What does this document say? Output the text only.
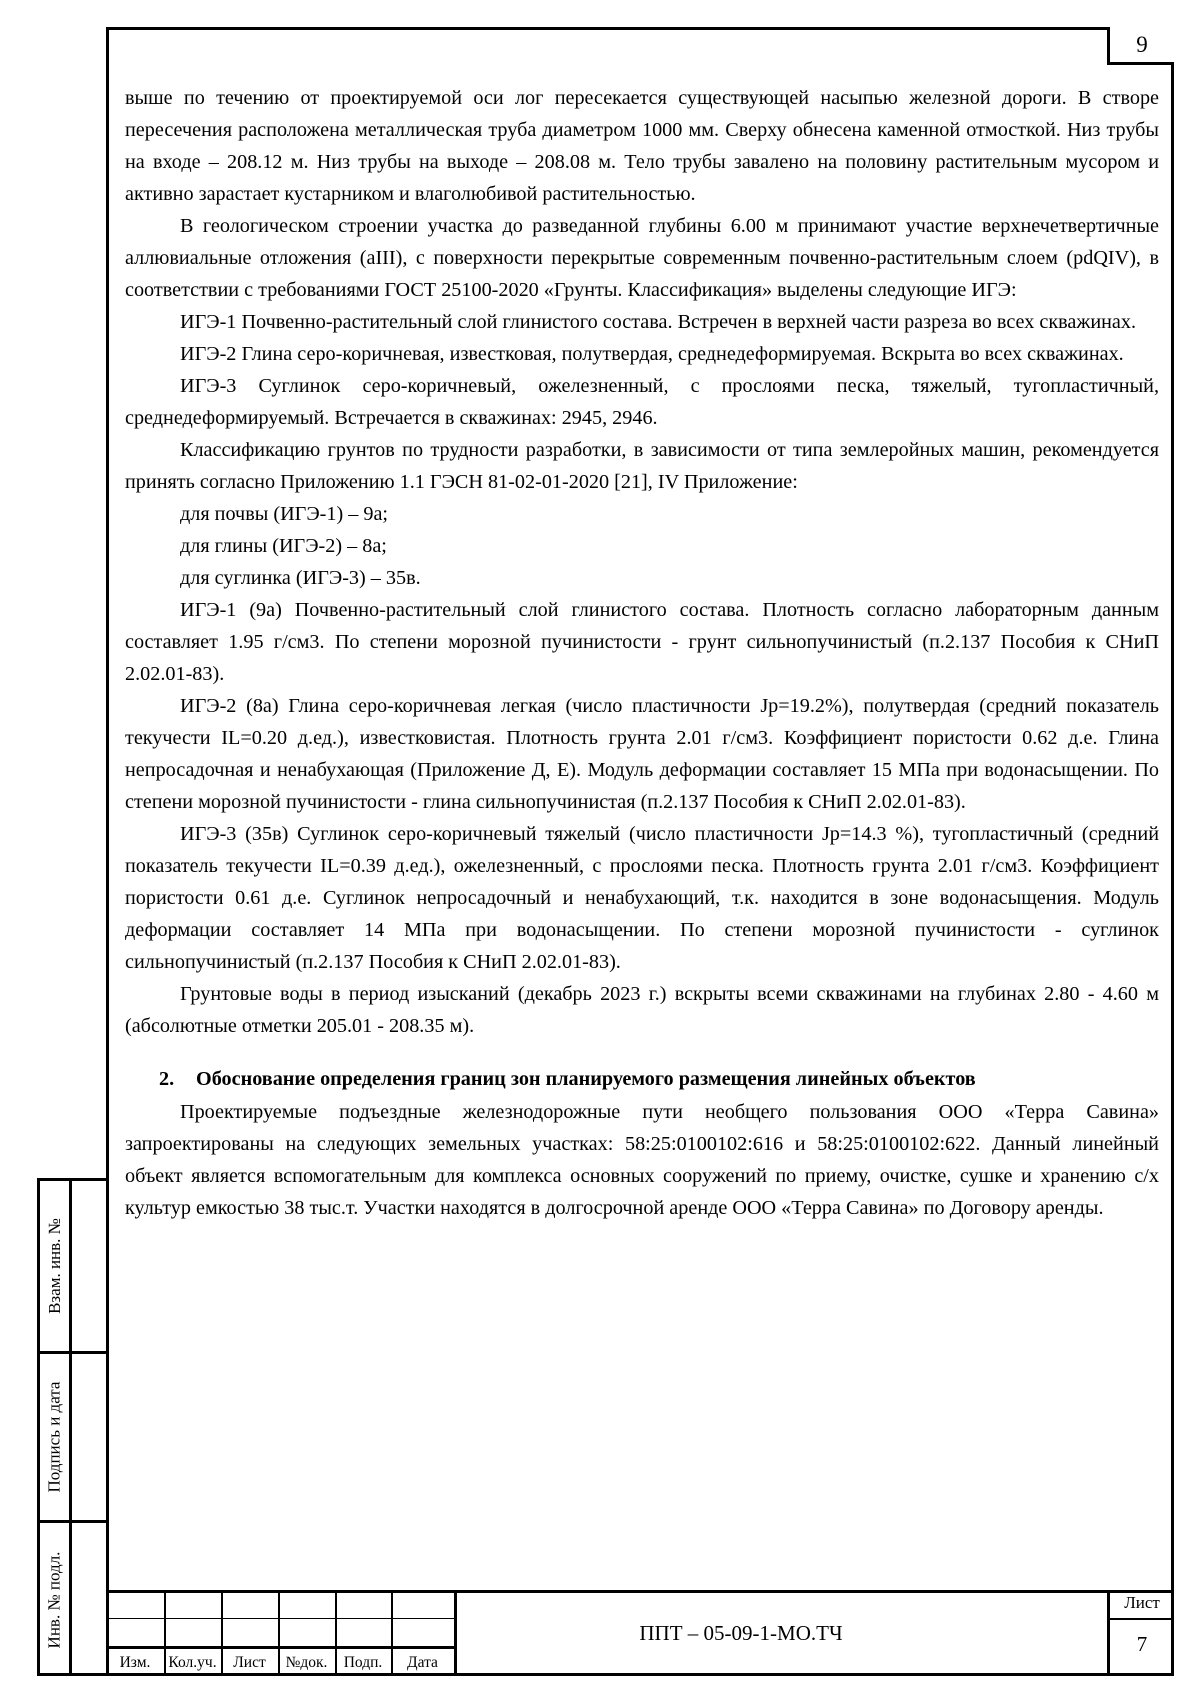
9
Взам. инв. №
Подпись и дата
Инв. № подл.

выше по течению от проектируемой оси лог пересекается существующей насыпью железной дороги. В створе пересечения расположена металлическая труба диаметром 1000 мм. Сверху обнесена каменной отмосткой. Низ трубы на входе – 208.12 м. Низ трубы на выходе – 208.08 м. Тело трубы завалено на половину растительным мусором и активно зарастает кустарником и влаголюбивой растительностью.

В геологическом строении участка до разведанной глубины 6.00 м принимают участие верхнечетвертичные аллювиальные отложения (aIII), с поверхности перекрытые современным почвенно-растительным слоем (pdQIV), в соответствии с требованиями ГОСТ 25100-2020 «Грунты. Классификация» выделены следующие ИГЭ:

ИГЭ-1 Почвенно-растительный слой глинистого состава. Встречен в верхней части разреза во всех скважинах.

ИГЭ-2 Глина серо-коричневая, известковая, полутвердая, среднедеформируемая. Вскрыта во всех скважинах.

ИГЭ-3 Суглинок серо-коричневый, ожелезненный, с прослоями песка, тяжелый, тугопластичный, среднедеформируемый. Встречается в скважинах: 2945, 2946.

Классификацию грунтов по трудности разработки, в зависимости от типа землеройных машин, рекомендуется принять согласно Приложению 1.1 ГЭСН 81-02-01-2020 [21], IV Приложение:

для почвы (ИГЭ-1) – 9а;

для глины (ИГЭ-2) – 8а;

для суглинка (ИГЭ-3) – 35в.

ИГЭ-1 (9а) Почвенно-растительный слой глинистого состава. Плотность согласно лабораторным данным составляет 1.95 г/см3. По степени морозной пучинистости - грунт сильнопучинистый (п.2.137 Пособия к СНиП 2.02.01-83).

ИГЭ-2 (8а) Глина серо-коричневая легкая (число пластичности Jp=19.2%), полутвердая (средний показатель текучести IL=0.20 д.ед.), известковистая. Плотность грунта 2.01 г/см3. Коэффициент пористости 0.62 д.е. Глина непросадочная и ненабухающая (Приложение Д, Е). Модуль деформации составляет 15 МПа при водонасыщении. По степени морозной пучинистости - глина сильнопучинистая (п.2.137 Пособия к СНиП 2.02.01-83).

ИГЭ-3 (35в) Суглинок серо-коричневый тяжелый (число пластичности Jp=14.3 %), тугопластичный (средний показатель текучести IL=0.39 д.ед.), ожелезненный, с прослоями песка. Плотность грунта 2.01 г/см3. Коэффициент пористости 0.61 д.е. Суглинок непросадочный и ненабухающий, т.к. находится в зоне водонасыщения. Модуль деформации составляет 14 МПа при водонасыщении. По степени морозной пучинистости - суглинок сильнопучинистый (п.2.137 Пособия к СНиП 2.02.01-83).

Грунтовые воды в период изысканий (декабрь 2023 г.) вскрыты всеми скважинами на глубинах 2.80 - 4.60 м (абсолютные отметки 205.01 - 208.35 м).

2. Обоснование определения границ зон планируемого размещения линейных объектов

Проектируемые подъездные железнодорожные пути необщего пользования ООО «Терра Савина» запроектированы на следующих земельных участках: 58:25:0100102:616 и 58:25:0100102:622. Данный линейный объект является вспомогательным для комплекса основных сооружений по приему, очистке, сушке и хранению с/х культур емкостью 38 тыс.т. Участки находятся в долгосрочной аренде ООО «Терра Савина» по Договору аренды.

Изм.	Кол.уч.	Лист	№док.	Подп.	Дата
ППТ – 05-09-1-МО.ТЧ
Лист
7
